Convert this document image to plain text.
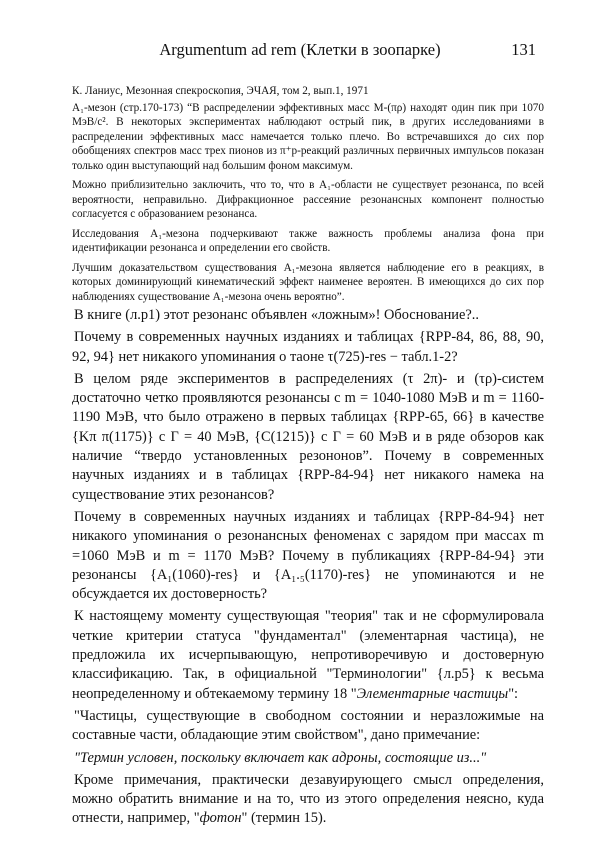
Argumentum ad rem (Клетки в зоопарке)	131

К. Ланиус, Мезонная спекроскопия, ЭЧАЯ, том 2, вып.1, 1971

A₁-мезон (стр.170-173) “В распределении эффективных масс M-(πρ) находят один пик при 1070 МэВ/c². В некоторых экспериментах наблюдают острый пик, в других исследованиями в распределении эффективных масс намечается только плечо. Во встречавшихся до сих пор обобщениях спектров масс трех пионов из π⁺p-реакций различных первичных импульсов показан только один выступающий над большим фоном максимум.

Можно приблизительно заключить, что то, что в A₁-области не существует резонанса, по всей вероятности, неправильно. Дифракционное рассеяние резонансных компонент полностью согласуется с образованием резонанса.

Исследования A₁-мезона подчеркивают также важность проблемы анализа фона при идентификации резонанса и определении его свойств.

Лучшим доказательством существования A₁-мезона является наблюдение его в реакциях, в которых доминирующий кинематический эффект наименее вероятен. В имеющихся до сих пор наблюдениях существование A₁-мезона очень вероятно”.

В книге (л.р1) этот резонанс объявлен «ложным»! Обоснование?..

Почему в современных научных изданиях и таблицах {RPP-84, 86, 88, 90, 92, 94} нет никакого упоминания о таоне τ(725)-res − табл.1-2?

В целом ряде экспериментов в распределениях (τ 2π)- и (τρ)-систем достаточно четко проявляются резонансы с m = 1040-1080 МэВ и m = 1160-1190 МэВ, что было отражено в первых таблицах {RPP-65, 66} в качестве {Kπ π(1175)} с Γ = 40 МэВ, {C(1215)} с Γ = 60 МэВ и в ряде обзоров как наличие “твердо установленных резононов”. Почему в современных научных изданиях и в таблицах {RPP-84-94} нет никакого намека на существование этих резонансов?

Почему в современных научных изданиях и таблицах {RPP-84-94} нет никакого упоминания о резонансных феноменах с зарядом при массах m =1060 МэВ и m = 1170 МэВ? Почему в публикациях {RPP-84-94} эти резонансы {A₁(1060)-res} и {A₁.₅(1170)-res} не упоминаются и не обсуждается их достоверность?

К настоящему моменту существующая "теория" так и не сформулировала четкие критерии статуса "фундаментал" (элементарная частица), не предложила их исчерпывающую, непротиворечивую и достоверную классификацию. Так, в официальной "Терминологии" {л.р5} к весьма неопределенному и обтекаемому термину 18 "Элементарные частицы":

"Частицы, существующие в свободном состоянии и неразложимые на составные части, обладающие этим свойством", дано примечание:

"Термин условен, поскольку включает как адроны, состоящие из..."

Кроме примечания, практически дезавуирующего смысл определения, можно обратить внимание и на то, что из этого определения неясно, куда отнести, например, "фотон" (термин 15).
